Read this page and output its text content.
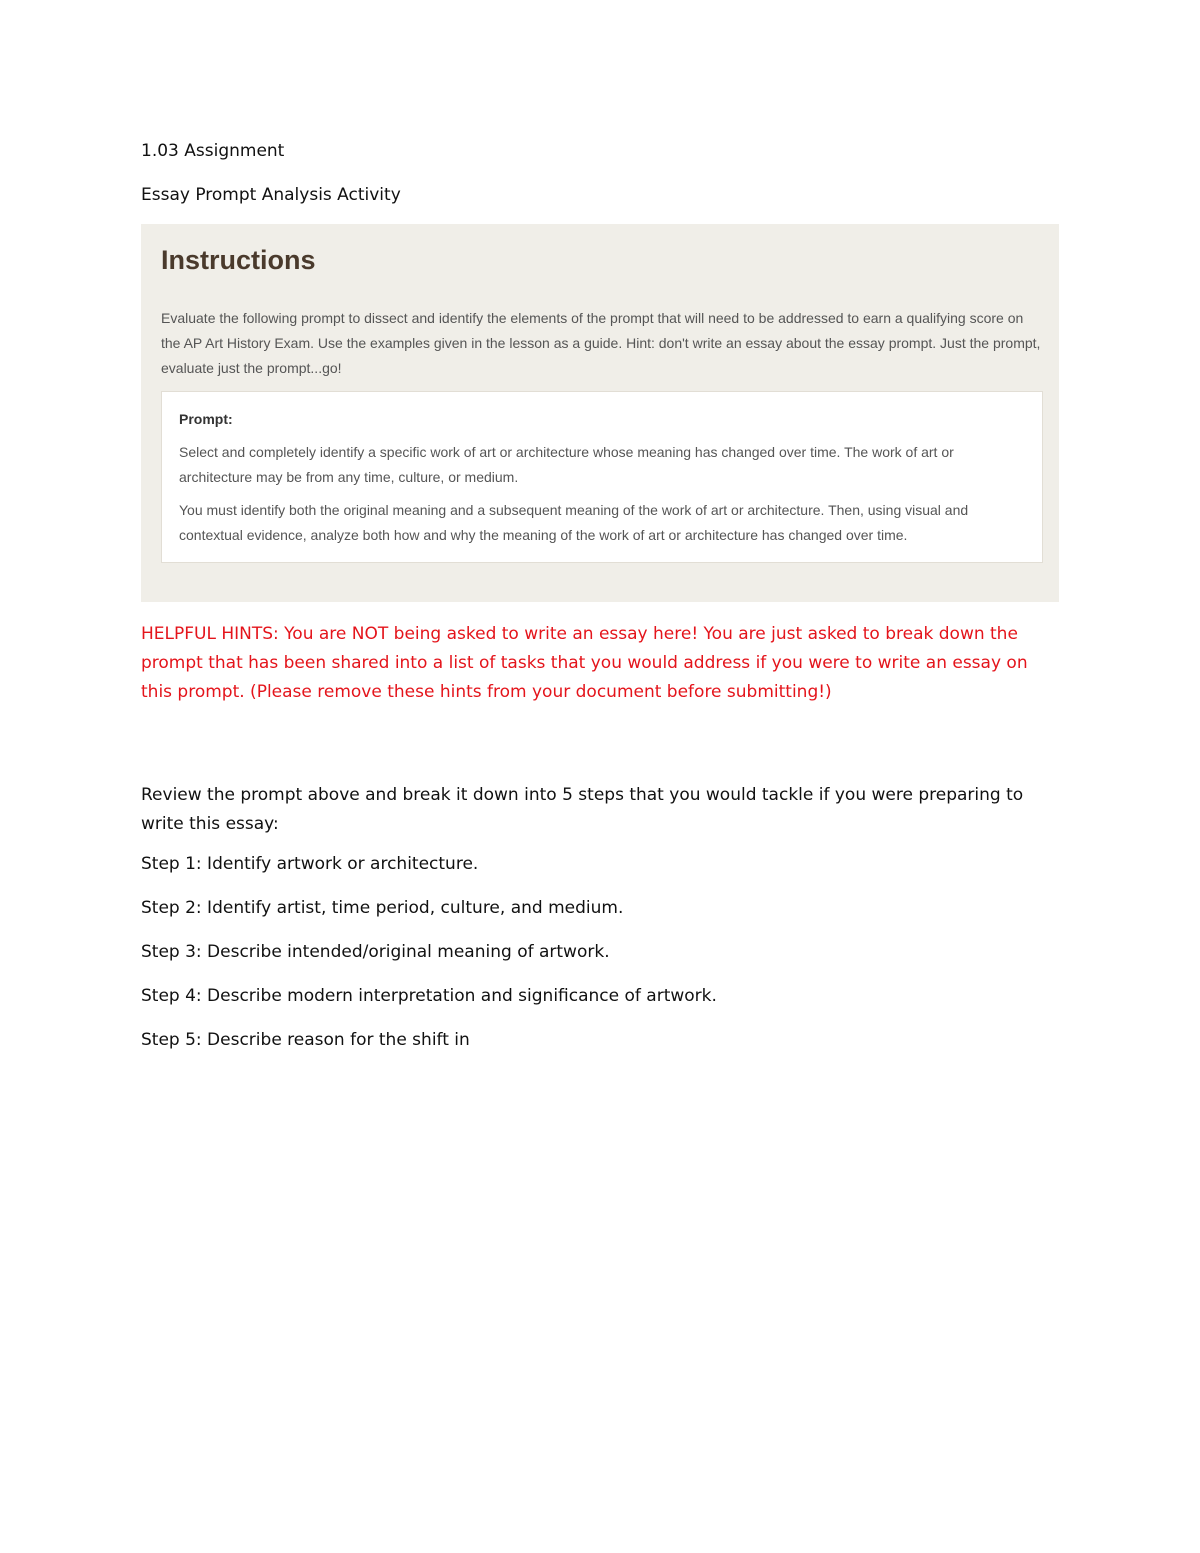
1.03 Assignment

Essay Prompt Analysis Activity

Instructions

Evaluate the following prompt to dissect and identify the elements of the prompt that will need to be addressed to earn a qualifying score on the AP Art History Exam. Use the examples given in the lesson as a guide. Hint: don't write an essay about the essay prompt. Just the prompt, evaluate just the prompt...go!

Prompt:

Select and completely identify a specific work of art or architecture whose meaning has changed over time. The work of art or architecture may be from any time, culture, or medium.

You must identify both the original meaning and a subsequent meaning of the work of art or architecture. Then, using visual and contextual evidence, analyze both how and why the meaning of the work of art or architecture has changed over time.

HELPFUL HINTS: You are NOT being asked to write an essay here! You are just asked to break down the prompt that has been shared into a list of tasks that you would address if you were to write an essay on this prompt. (Please remove these hints from your document before submitting!)

Review the prompt above and break it down into 5 steps that you would tackle if you were preparing to write this essay:

Step 1: Identify artwork or architecture.
Step 2: Identify artist, time period, culture, and medium.
Step 3: Describe intended/original meaning of artwork.
Step 4: Describe modern interpretation and significance of artwork.
Step 5: Describe reason for the shift in
